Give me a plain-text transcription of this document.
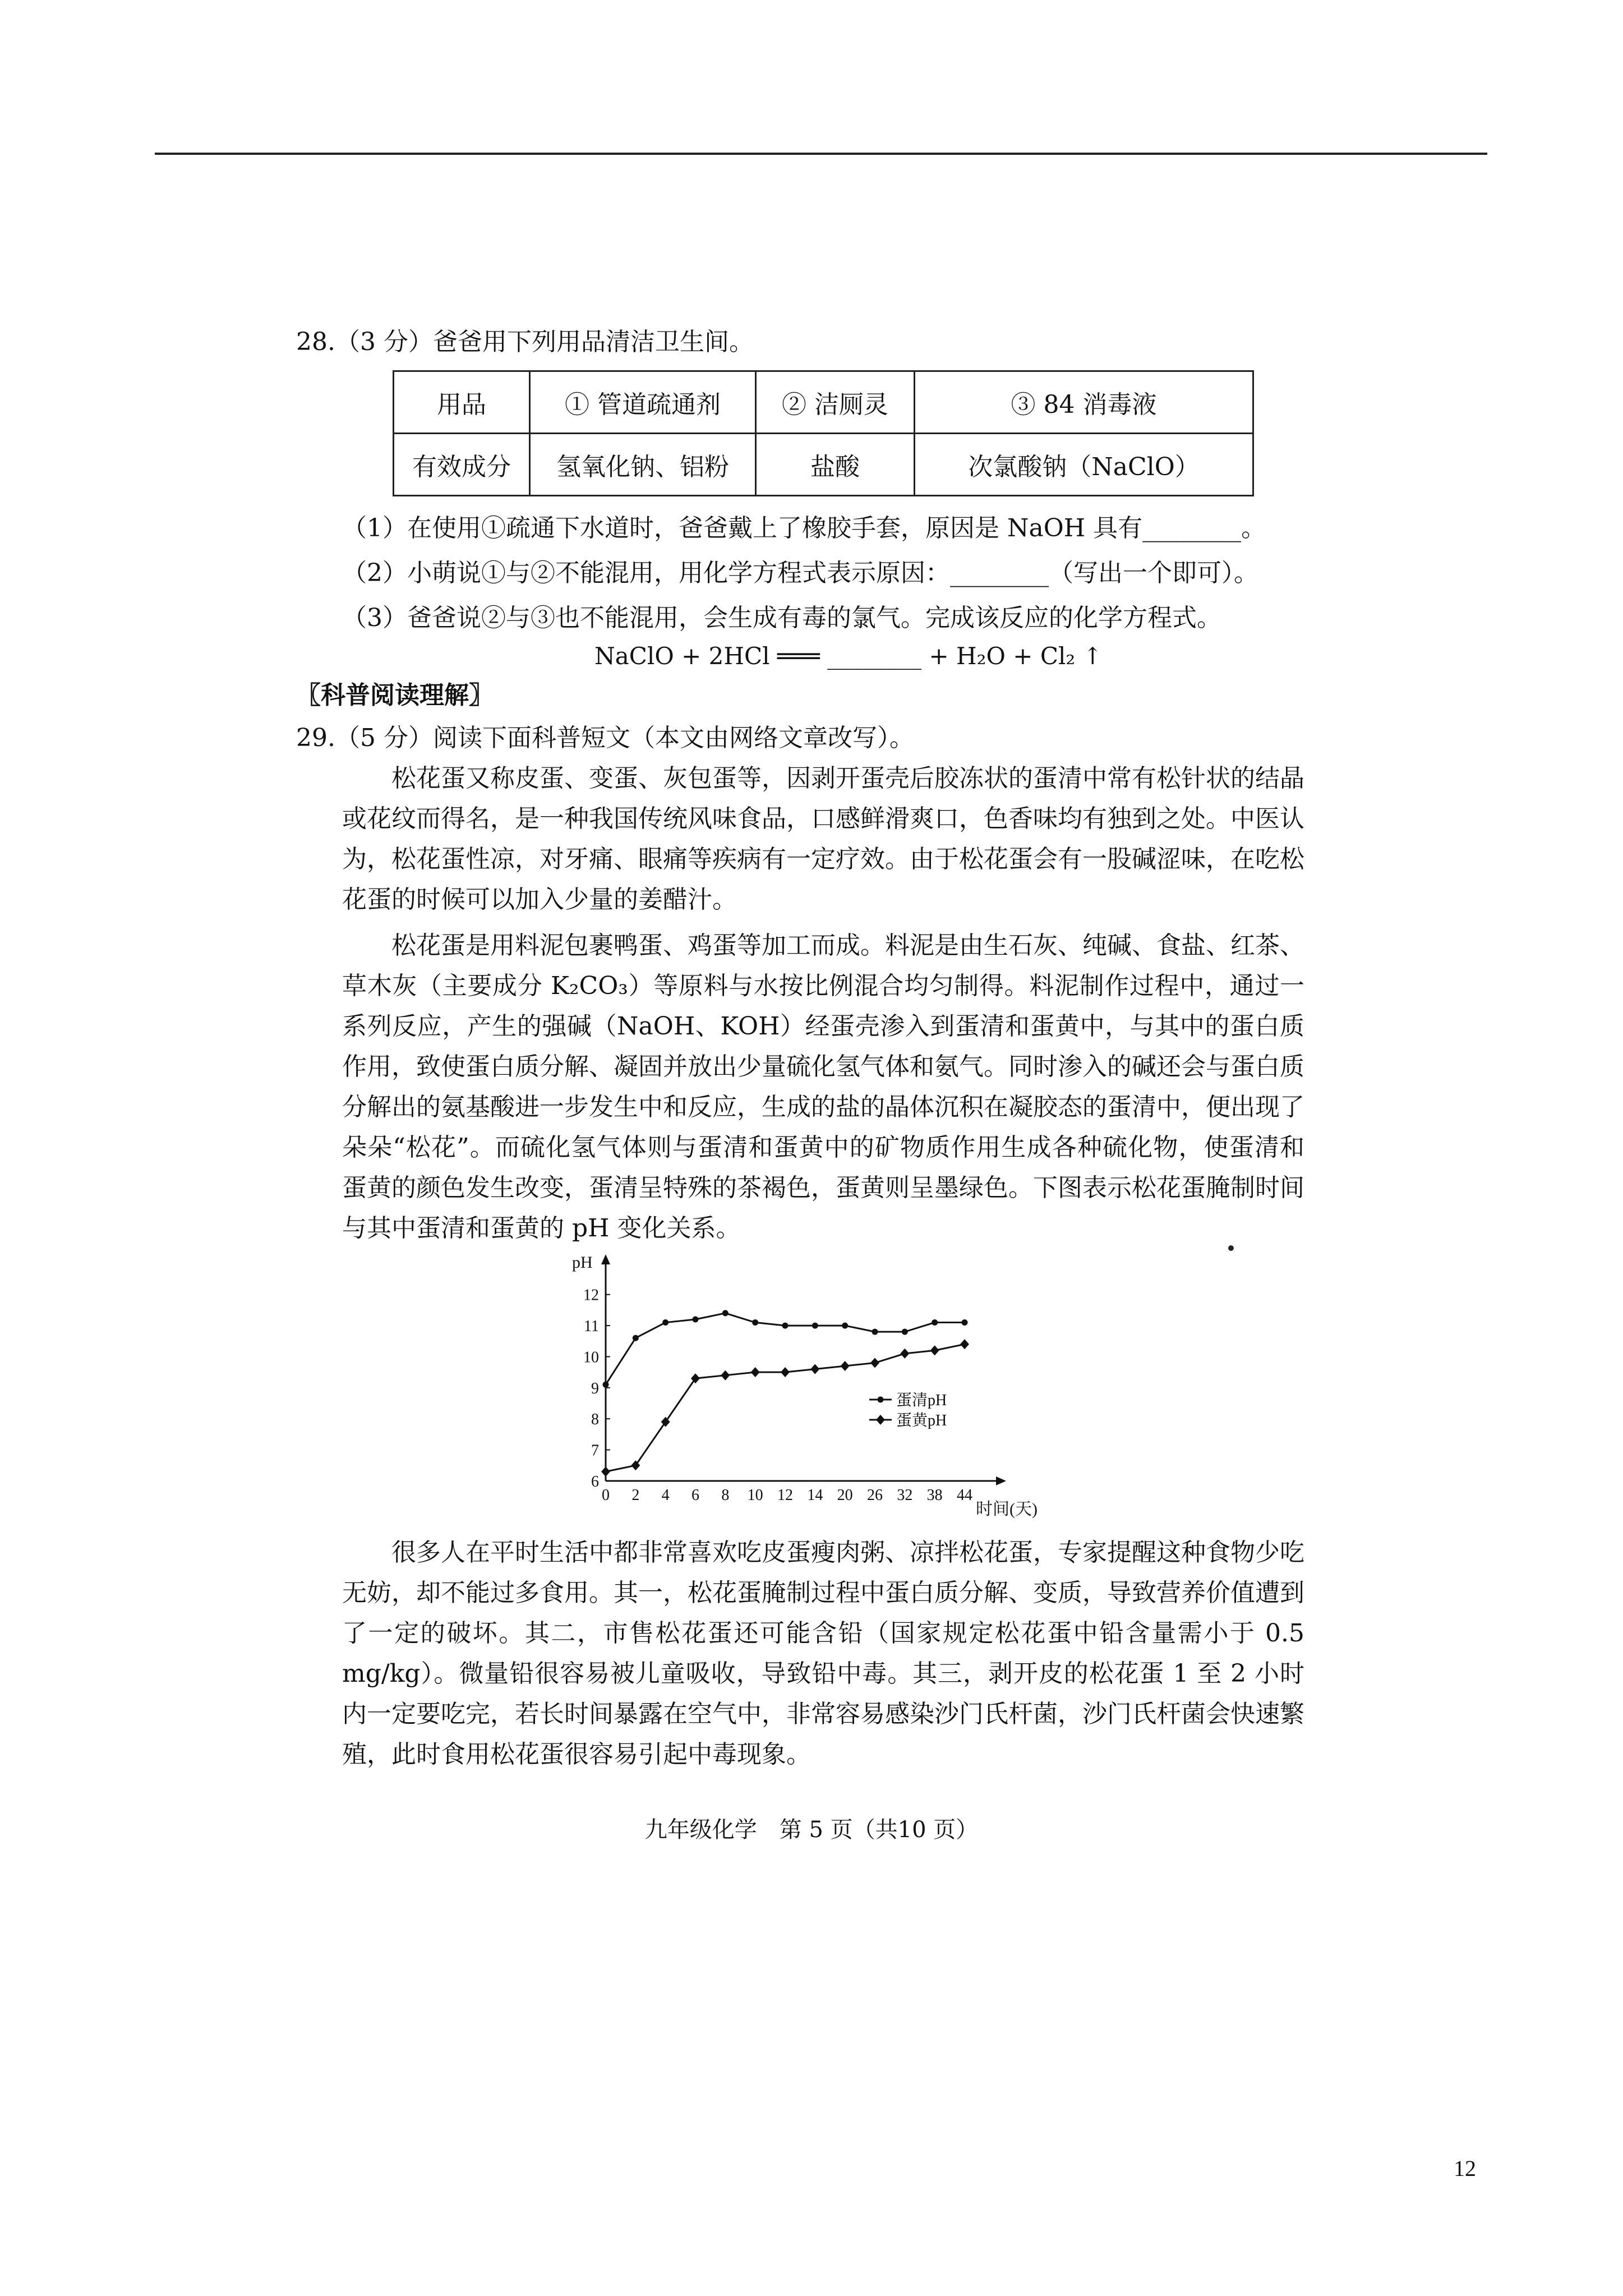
28.（3 分）爸爸用下列用品清洁卫生间。
用品	① 管道疏通剂	② 洁厕灵	③ 84 消毒液
有效成分	氢氧化钠、铝粉	盐酸	次氯酸钠（NaClO）
（1）在使用①疏通下水道时，爸爸戴上了橡胶手套，原因是 NaOH 具有________。
（2）小萌说①与②不能混用，用化学方程式表示原因：________（写出一个即可）。
（3）爸爸说②与③也不能混用，会生成有毒的氯气。完成该反应的化学方程式。
NaClO + 2HCl ═══ ________ + H₂O + Cl₂ ↑
〖科普阅读理解〗
29.（5 分）阅读下面科普短文（本文由网络文章改写）。

松花蛋又称皮蛋、变蛋、灰包蛋等，因剥开蛋壳后胶冻状的蛋清中常有松针状的结晶或花纹而得名，是一种我国传统风味食品，口感鲜滑爽口，色香味均有独到之处。中医认为，松花蛋性凉，对牙痛、眼痛等疾病有一定疗效。由于松花蛋会有一股碱涩味，在吃松花蛋的时候可以加入少量的姜醋汁。

松花蛋是用料泥包裹鸭蛋、鸡蛋等加工而成。料泥是由生石灰、纯碱、食盐、红茶、草木灰（主要成分 K₂CO₃）等原料与水按比例混合均匀制得。料泥制作过程中，通过一系列反应，产生的强碱（NaOH、KOH）经蛋壳渗入到蛋清和蛋黄中，与其中的蛋白质作用，致使蛋白质分解、凝固并放出少量硫化氢气体和氨气。同时渗入的碱还会与蛋白质分解出的氨基酸进一步发生中和反应，生成的盐的晶体沉积在凝胶态的蛋清中，便出现了朵朵“松花”。而硫化氢气体则与蛋清和蛋黄中的矿物质作用生成各种硫化物，使蛋清和蛋黄的颜色发生改变，蛋清呈特殊的茶褐色，蛋黄则呈墨绿色。下图表示松花蛋腌制时间与其中蛋清和蛋黄的 pH 变化关系。

6
7
8
9
10
11
12
0 2 4 6 8 10 12 14 20 26 32 38 44
pH
时间(天)
蛋清pH
蛋黄pH

很多人在平时生活中都非常喜欢吃皮蛋瘦肉粥、凉拌松花蛋，专家提醒这种食物少吃无妨，却不能过多食用。其一，松花蛋腌制过程中蛋白质分解、变质，导致营养价值遭到了一定的破坏。其二，市售松花蛋还可能含铅（国家规定松花蛋中铅含量需小于 0.5 mg/kg）。微量铅很容易被儿童吸收，导致铅中毒。其三，剥开皮的松花蛋 1 至 2 小时内一定要吃完，若长时间暴露在空气中，非常容易感染沙门氏杆菌，沙门氏杆菌会快速繁殖，此时食用松花蛋很容易引起中毒现象。

九年级化学　第 5 页（共10 页）
12
